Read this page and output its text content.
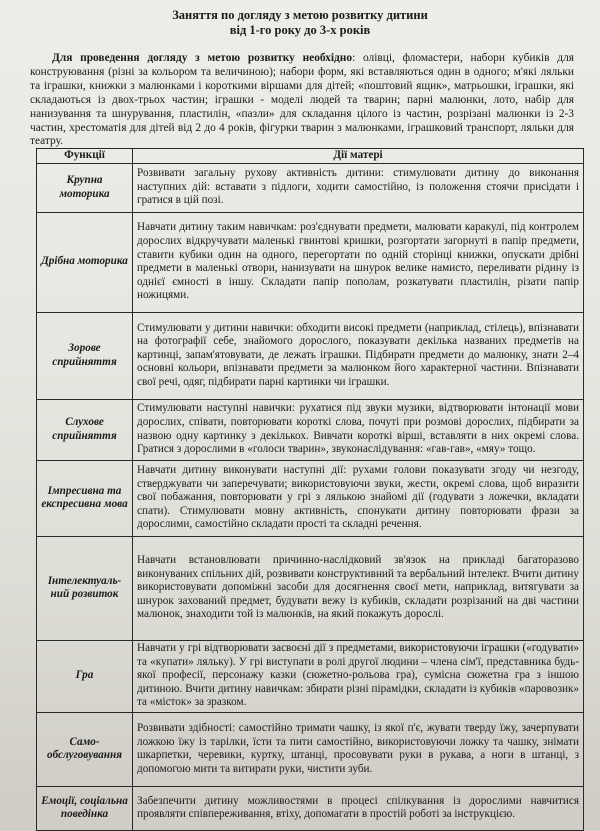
Заняття по догляду з метою розвитку дитини
від 1-го року до 3-х років
Для проведення догляду з метою розвитку необхідно: олівці, фломастери, набори кубиків для конструювання (різні за кольором та величиною); набори форм, які вставляються один в одного; м'які ляльки та іграшки, книжки з малюнками і короткими віршами для дітей; «поштовий ящик», матрьошки, іграшки, які складаються із двох-трьох частин; іграшки - моделі людей та тварин; парні малюнки, лото, набір для нанизування та шнурування, пластилін, «пазли» для складання цілого із частин, розрізані малюнки із 2-3 частин, хрестоматія для дітей від 2 до 4 років, фігурки тварин з малюнками, іграшковий транспорт, ляльки для театру.
Функції	Дії матері
Крупна моторика	Розвивати загальну рухову активність дитини: стимулювати дитину до виконання наступних дій: вставати з підлоги, ходити самостійно, із положення стоячи присідати і гратися в цій позі.
Дрібна моторика	Навчати дитину таким навичкам: роз'єднувати предмети, малювати каракулі, під контролем дорослих відкручувати маленькі гвинтові кришки, розгортати загорнуті в папір предмети, ставити кубики один на одного, перегортати по одній сторінці книжки, опускати дрібні предмети в маленькі отвори, нанизувати на шнурок велике намисто, переливати рідину із однієї ємності в іншу. Складати папір пополам, розкатувати пластилін, різати папір ножицями.
Зорове сприйняття	Стимулювати у дитини навички: обходити високі предмети (наприклад, стілець), впізнавати на фотографії себе, знайомого дорослого, показувати декілька названих предметів на картинці, запам'ятовувати, де лежать іграшки. Підбирати предмети до малюнку, знати 2–4 основні кольори, впізнавати предмети за малюнком його характерної частини. Впізнавати свої речі, одяг, підбирати парні картинки чи іграшки.
Слухове сприйняття	Стимулювати наступні навички: рухатися під звуки музики, відтворювати інтонації мови дорослих, співати, повторювати короткі слова, почуті при розмові дорослих, підбирати за назвою одну картинку з декількох. Вивчати короткі вірші, вставляти в них окремі слова. Гратися з дорослими в «голоси тварин», звуконаслідування: «гав-гав», «мяу» тощо.
Імпресивна та експресивна мова	Навчати дитину виконувати наступні дії: рухами голови показувати згоду чи незгоду, стверджувати чи заперечувати; використовуючи звуки, жести, окремі слова, щоб виразити свої побажання, повторювати у грі з лялькою знайомі дії (годувати з ложечки, вкладати спати). Стимулювати мовну активність, спонукати дитину повторювати фрази за дорослими, самостійно складати прості та складні речення.
Інтелектуаль-ний розвиток	Навчати встановлювати причинно-наслідковий зв'язок на прикладі багаторазово виконуваних спільних дій, розвивати конструктивний та вербальний інтелект. Вчити дитину використовувати допоміжні засоби для досягнення своєї мети, наприклад, витягувати за шнурок захований предмет, будувати вежу із кубиків, складати розрізаний на дві частини малюнок, знаходити той із малюнків, на який покажуть дорослі.
Гра	Навчати у грі відтворювати засвоєні дії з предметами, використовуючи іграшки («годувати» та «купати» ляльку). У грі виступати в ролі другої людини – члена сім'ї, представника будь-якої професії, персонажу казки (сюжетно-рольова гра), сумісна сюжетна гра з іншою дитиною. Вчити дитину навичкам: збирати різні пірамідки, складати із кубиків «паровозик» та «місток» за зразком.
Само-обслуговування	Розвивати здібності: самостійно тримати чашку, із якої п'є, жувати тверду їжу, зачерпувати ложкою їжу із тарілки, їсти та пити самостійно, використовуючи ложку та чашку, знімати шкарпетки, черевики, куртку, штанці, просовувати руки в рукава, а ноги в штанці, з допомогою мити та витирати руки, чистити зуби.
Емоції, соціальна поведінка	Забезпечити дитину можливостями в процесі спілкування із дорослими навчитися проявляти співпереживання, втіху, допомагати в простій роботі за інструкцією.
